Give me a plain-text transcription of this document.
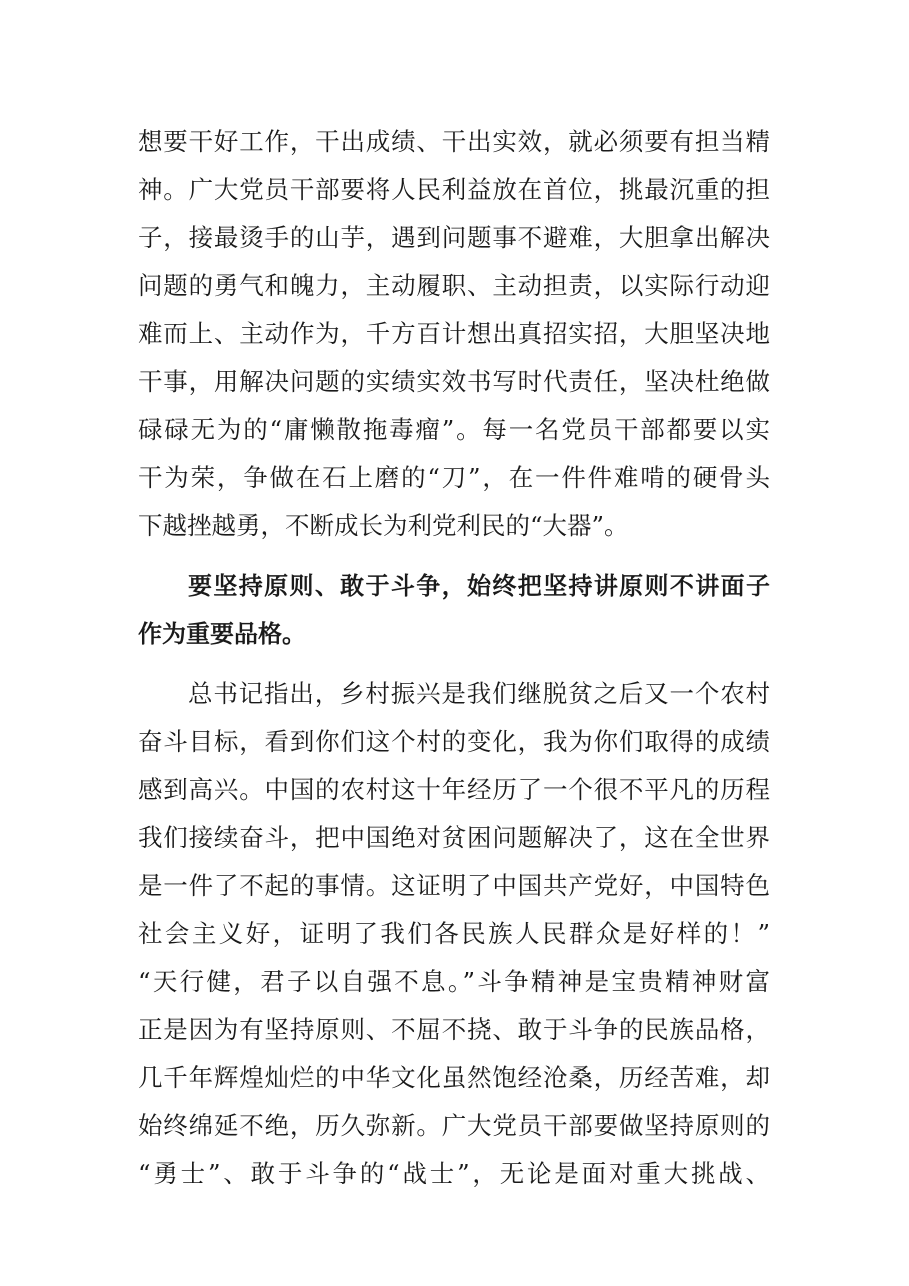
想要干好工作，干出成绩、干出实效，就必须要有担当精
神。广大党员干部要将人民利益放在首位，挑最沉重的担
子，接最烫手的山芋，遇到问题事不避难，大胆拿出解决
问题的勇气和魄力，主动履职、主动担责，以实际行动迎
难而上、主动作为，千方百计想出真招实招，大胆坚决地
干事，用解决问题的实绩实效书写时代责任，坚决杜绝做
碌碌无为的“庸懒散拖毒瘤”。每一名党员干部都要以实
干为荣，争做在石上磨的“刀”，在一件件难啃的硬骨头
下越挫越勇，不断成长为利党利民的“大器”。
要坚持原则、敢于斗争，始终把坚持讲原则不讲面子
作为重要品格。
总书记指出，乡村振兴是我们继脱贫之后又一个农村
奋斗目标，看到你们这个村的变化，我为你们取得的成绩
感到高兴。中国的农村这十年经历了一个很不平凡的历程
我们接续奋斗，把中国绝对贫困问题解决了，这在全世界
是一件了不起的事情。这证明了中国共产党好，中国特色
社会主义好，证明了我们各民族人民群众是好样的！”
“天行健，君子以自强不息。”斗争精神是宝贵精神财富
正是因为有坚持原则、不屈不挠、敢于斗争的民族品格，
几千年辉煌灿烂的中华文化虽然饱经沧桑，历经苦难，却
始终绵延不绝，历久弥新。广大党员干部要做坚持原则的
“勇士”、敢于斗争的“战士”，无论是面对重大挑战、
